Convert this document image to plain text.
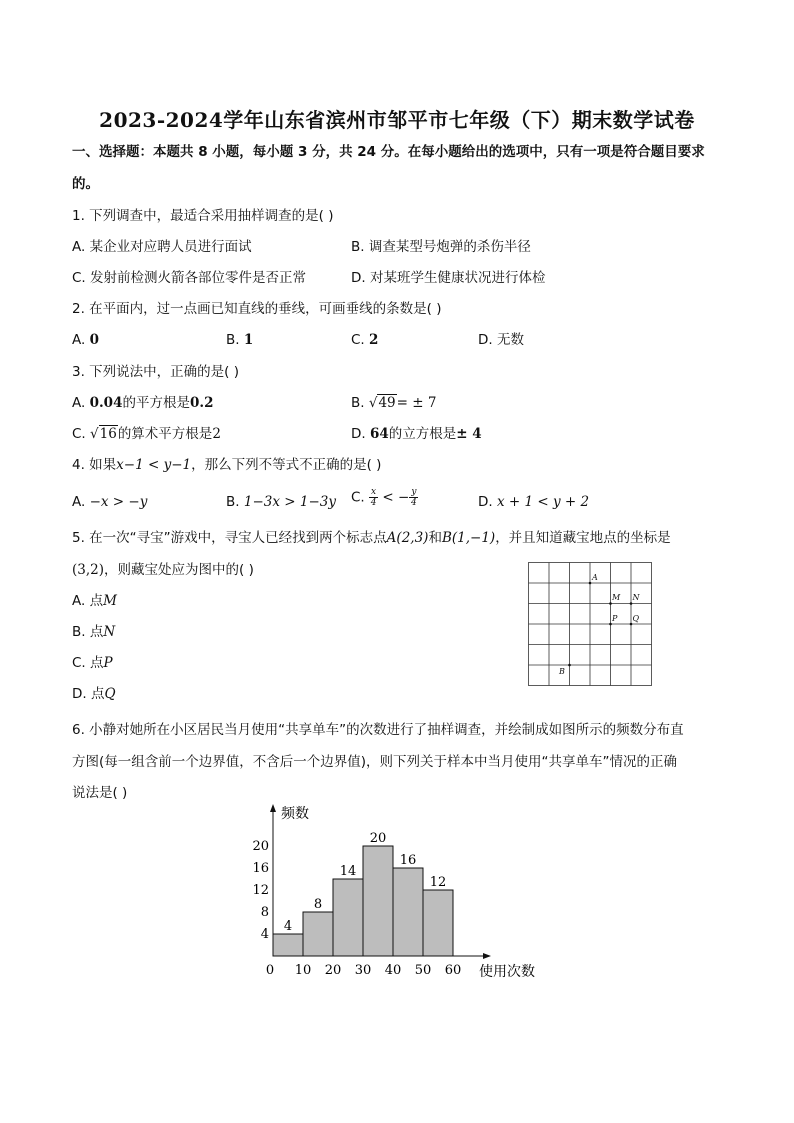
2023-2024学年山东省滨州市邹平市七年级（下）期末数学试卷
一、选择题：本题共 8 小题，每小题 3 分，共 24 分。在每小题给出的选项中，只有一项是符合题目要求
的。
1. 下列调查中，最适合采用抽样调查的是( )
A. 某企业对应聘人员进行面试	B. 调查某型号炮弹的杀伤半径
C. 发射前检测火箭各部位零件是否正常	D. 对某班学生健康状况进行体检
2. 在平面内，过一点画已知直线的垂线，可画垂线的条数是( )
A. 0	B. 1	C. 2	D. 无数
3. 下列说法中，正确的是( )
A. 0.04的平方根是0.2	B. √49= ± 7
C. √16的算术平方根是2	D. 64的立方根是± 4
4. 如果x−1 < y−1，那么下列不等式不正确的是( )
A. −x > −y	B. 1−3x > 1−3y C. $\frac{x}{4}$ < − $\frac{y}{4}$	D. x + 1 < y + 2
5. 在一次“寻宝”游戏中，寻宝人已经找到两个标志点A(2,3)和B(1,−1)，并且知道藏宝地点的坐标是
(3,2)，则藏宝处应为图中的( )
A. 点M
B. 点N
C. 点P
D. 点Q
A
M N
P Q
B
6. 小静对她所在小区居民当月使用“共享单车”的次数进行了抽样调查，并绘制成如图所示的频数分布直
方图(每一组含前一个边界值，不含后一个边界值)，则下列关于样本中当月使用“共享单车”情况的正确
说法是( )
4
8
12
16
20
0 10 20 30 40 50 60
4
8
14
20
16
12
频数
使用次数
